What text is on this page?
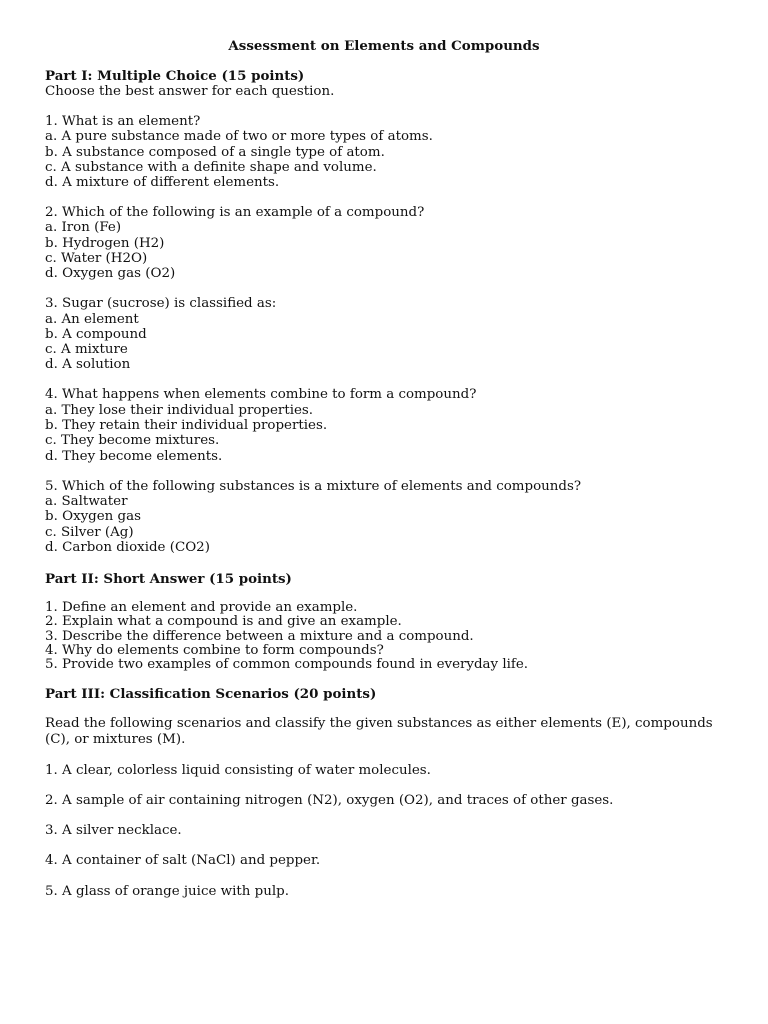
Assessment on Elements and Compounds

Part I: Multiple Choice (15 points)

Choose the best answer for each question.

1. What is an element?

a. A pure substance made of two or more types of atoms.

b. A substance composed of a single type of atom.

c. A substance with a definite shape and volume.

d. A mixture of different elements.

2. Which of the following is an example of a compound?

a. Iron (Fe)

b. Hydrogen (H2)

c. Water (H2O)

d. Oxygen gas (O2)

3. Sugar (sucrose) is classified as:

a. An element

b. A compound

c. A mixture

d. A solution

4. What happens when elements combine to form a compound?

a. They lose their individual properties.

b. They retain their individual properties.

c. They become mixtures.

d. They become elements.

5. Which of the following substances is a mixture of elements and compounds?

a. Saltwater

b. Oxygen gas

c. Silver (Ag)

d. Carbon dioxide (CO2)

Part II: Short Answer (15 points)

1. Define an element and provide an example.

2. Explain what a compound is and give an example.

3. Describe the difference between a mixture and a compound.

4. Why do elements combine to form compounds?

5. Provide two examples of common compounds found in everyday life.

Part III: Classification Scenarios (20 points)

Read the following scenarios and classify the given substances as either elements (E), compounds (C), or mixtures (M).

1. A clear, colorless liquid consisting of water molecules.

2. A sample of air containing nitrogen (N2), oxygen (O2), and traces of other gases.

3. A silver necklace.

4. A container of salt (NaCl) and pepper.

5. A glass of orange juice with pulp.
